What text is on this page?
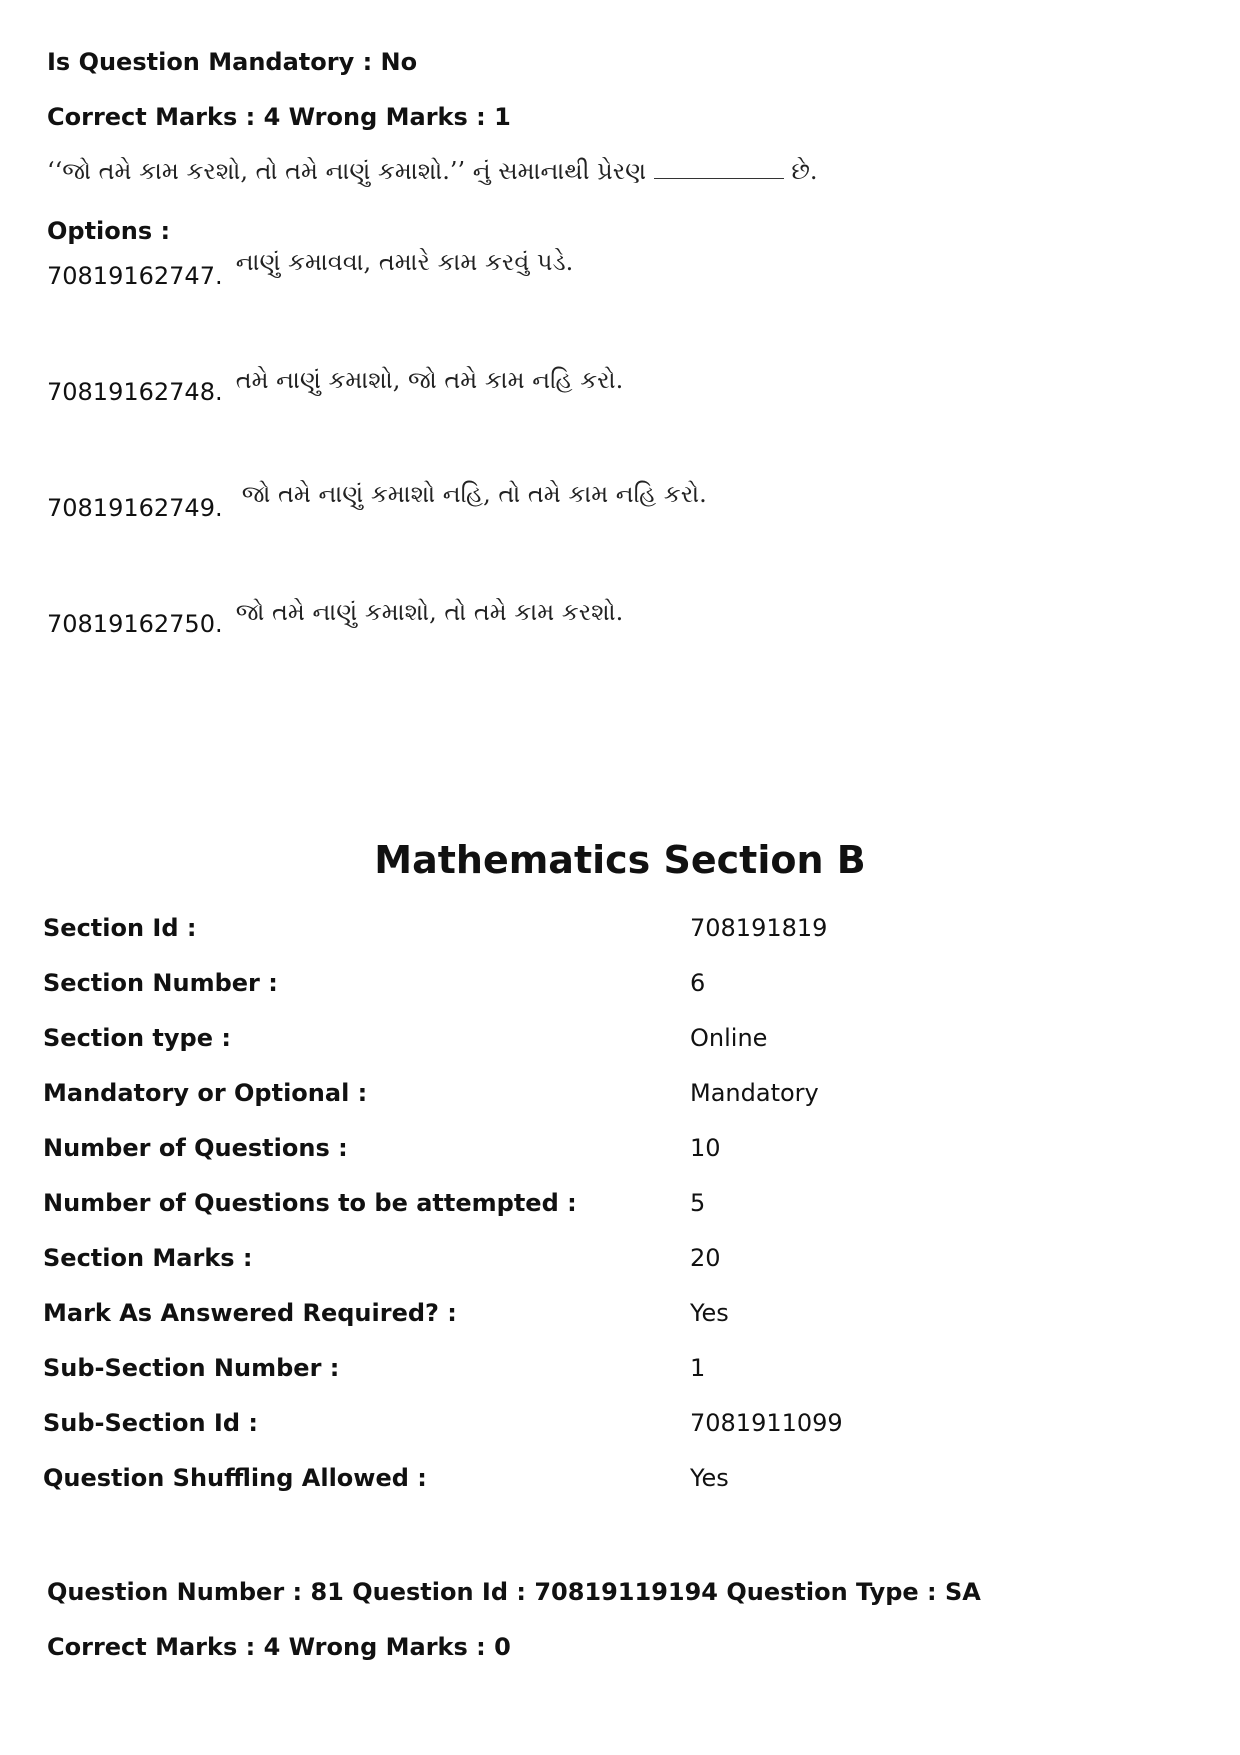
Is Question Mandatory : No
Correct Marks : 4 Wrong Marks : 1
‘‘જો તમે કામ કરશો, તો તમે નાણું કમાશો.’’ નું સમાનાથી પ્રેરણ	છે.
Options :
70819162747. નાણું કમાવવા, તમારે કામ કરવું પડે.
70819162748. તમે નાણું કમાશો, જો તમે કામ નહિ કરો.
70819162749. જો તમે નાણું કમાશો નહિ, તો તમે કામ નહિ કરો.
70819162750. જો તમે નાણું કમાશો, તો તમે કામ કરશો.
Mathematics Section B
Section Id :	708191819
Section Number :	6
Section type :	Online
Mandatory or Optional :	Mandatory
Number of Questions :	10
Number of Questions to be attempted :	5
Section Marks :	20
Mark As Answered Required? :	Yes
Sub-Section Number :	1
Sub-Section Id :	7081911099
Question Shuffling Allowed :	Yes
Question Number : 81 Question Id : 70819119194 Question Type : SA
Correct Marks : 4 Wrong Marks : 0
